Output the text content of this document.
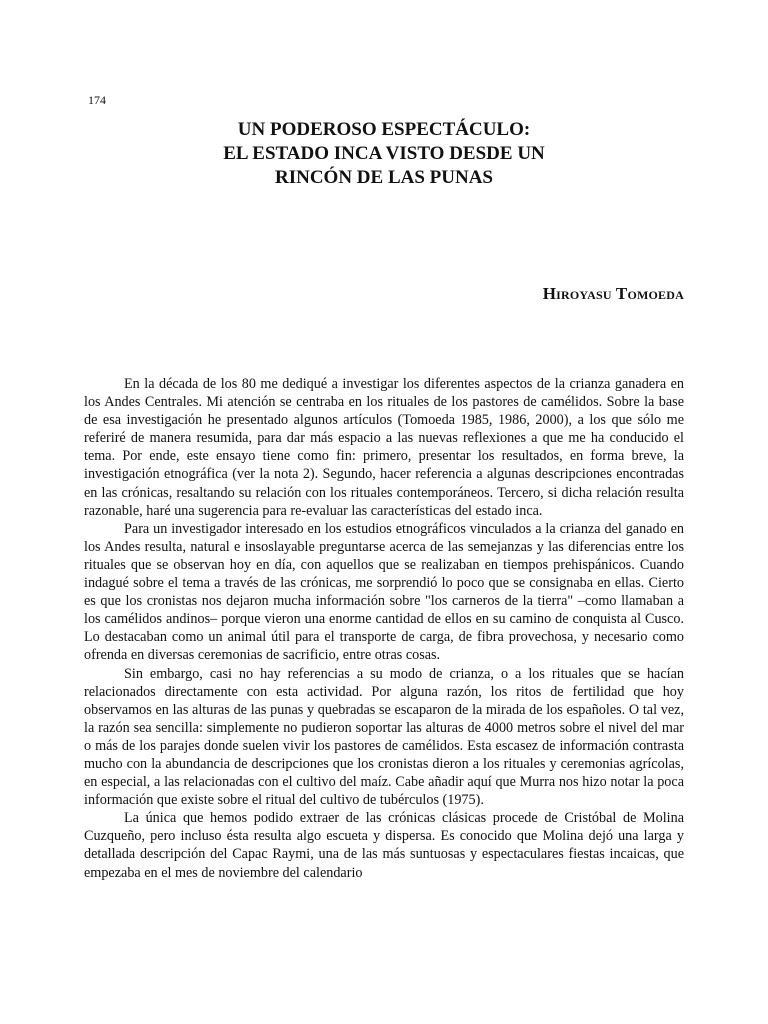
174

UN PODEROSO ESPECTÁCULO:
EL ESTADO INCA VISTO DESDE UN
RINCÓN DE LAS PUNAS

Hiroyasu Tomoeda

En la década de los 80 me dediqué a investigar los diferentes aspectos de la crianza ganadera en los Andes Centrales. Mi atención se centraba en los rituales de los pastores de camélidos. Sobre la base de esa investigación he presentado algunos artículos (Tomoeda 1985, 1986, 2000), a los que sólo me referiré de manera resumida, para dar más espacio a las nuevas reflexiones a que me ha conducido el tema. Por ende, este ensayo tiene como fin: primero, presentar los resultados, en forma breve, la investigación etnográfica (ver la nota 2). Segundo, hacer referencia a algunas descripciones encontradas en las crónicas, resaltando su relación con los rituales contemporáneos. Tercero, si dicha relación resulta razonable, haré una sugerencia para re-evaluar las características del estado inca.

Para un investigador interesado en los estudios etnográficos vinculados a la crianza del ganado en los Andes resulta, natural e insoslayable preguntarse acerca de las semejanzas y las diferencias entre los rituales que se observan hoy en día, con aquellos que se realizaban en tiempos prehispánicos. Cuando indagué sobre el tema a través de las crónicas, me sorprendió lo poco que se consignaba en ellas. Cierto es que los cronistas nos dejaron mucha información sobre "los carneros de la tierra" –como llamaban a los camélidos andinos– porque vieron una enorme cantidad de ellos en su camino de conquista al Cusco. Lo destacaban como un animal útil para el transporte de carga, de fibra provechosa, y necesario como ofrenda en diversas ceremonias de sacrificio, entre otras cosas.

Sin embargo, casi no hay referencias a su modo de crianza, o a los rituales que se hacían relacionados directamente con esta actividad. Por alguna razón, los ritos de fertilidad que hoy observamos en las alturas de las punas y quebradas se escaparon de la mirada de los españoles. O tal vez, la razón sea sencilla: simplemente no pudieron soportar las alturas de 4000 metros sobre el nivel del mar o más de los parajes donde suelen vivir los pastores de camélidos. Esta escasez de información contrasta mucho con la abundancia de descripciones que los cronistas dieron a los rituales y ceremonias agrícolas, en especial, a las relacionadas con el cultivo del maíz. Cabe añadir aquí que Murra nos hizo notar la poca información que existe sobre el ritual del cultivo de tubérculos (1975).

La única que hemos podido extraer de las crónicas clásicas procede de Cristóbal de Molina Cuzqueño, pero incluso ésta resulta algo escueta y dispersa. Es conocido que Molina dejó una larga y detallada descripción del Capac Raymi, una de las más suntuosas y espectaculares fiestas incaicas, que empezaba en el mes de noviembre del calendario
